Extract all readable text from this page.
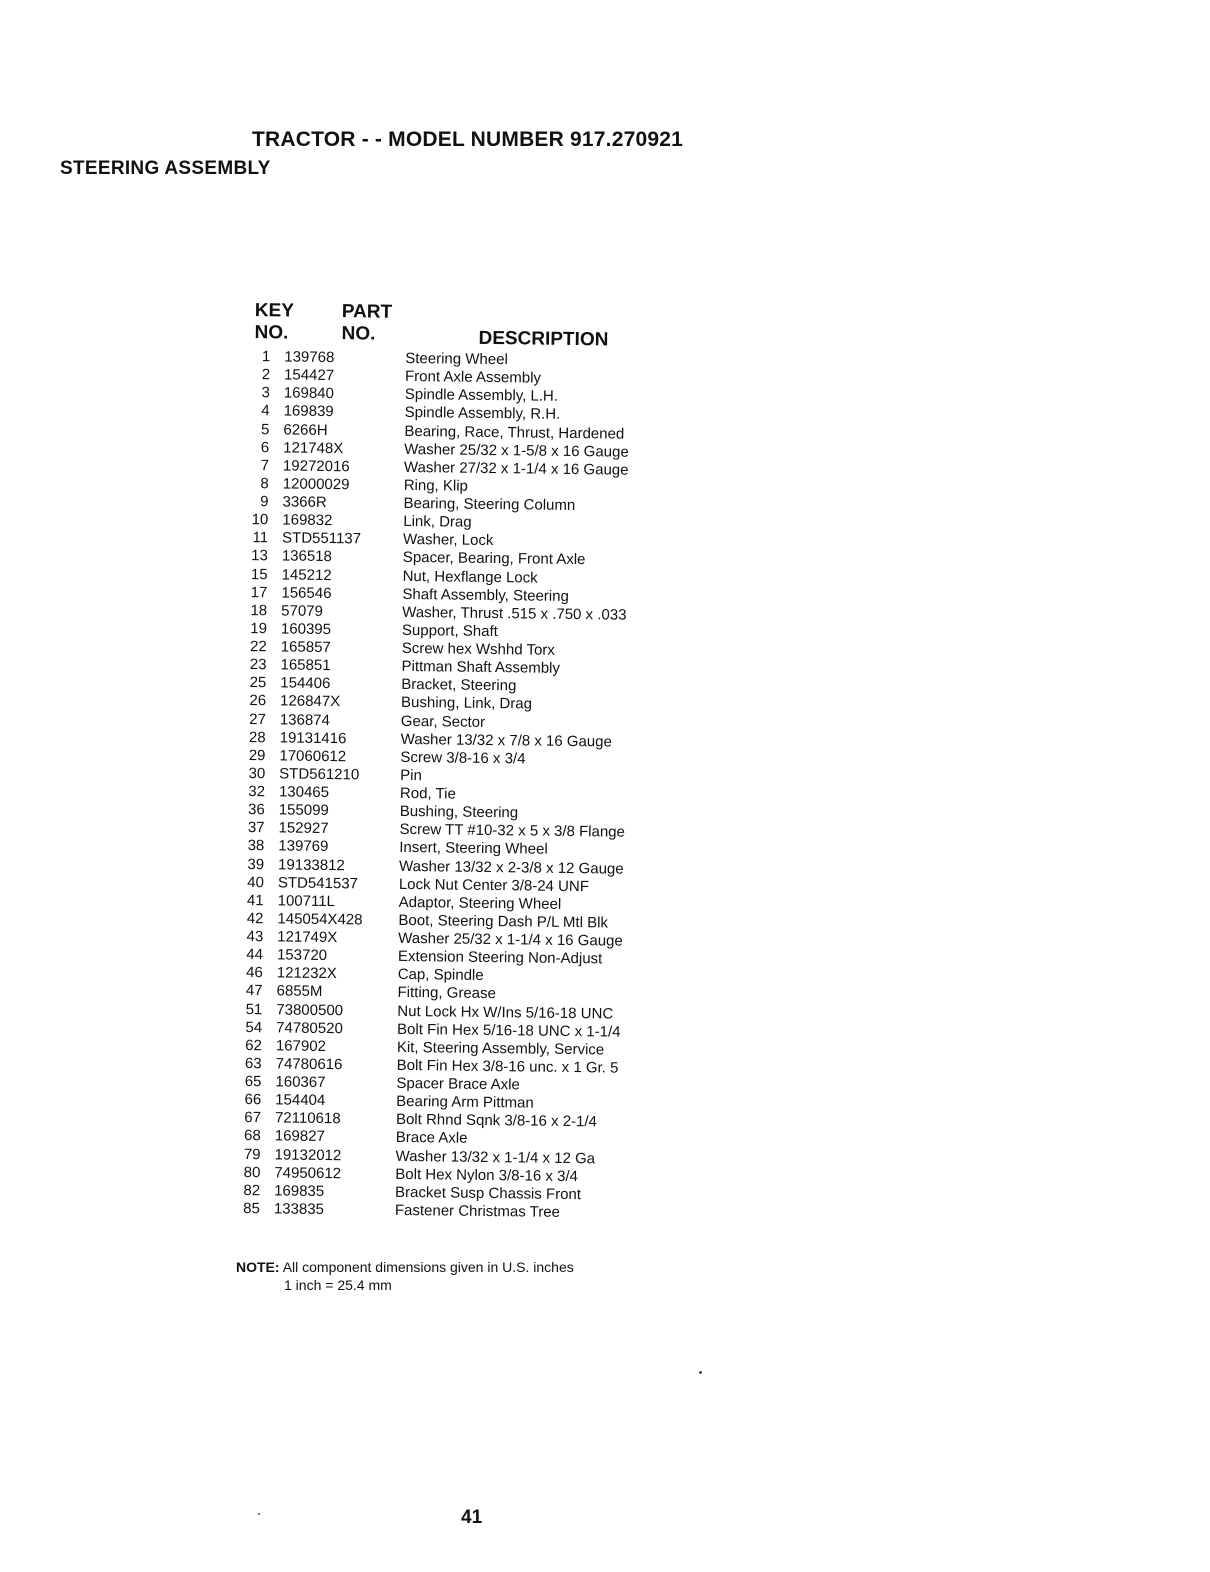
TRACTOR - - MODEL NUMBER 917.270921
STEERING ASSEMBLY
KEY
NO.
PART
NO.	DESCRIPTION
1 139768	Steering Wheel
2 154427	Front Axle Assembly
3 169840	Spindle Assembly, L.H.
4 169839	Spindle Assembly, R.H.
5 6266H	Bearing, Race, Thrust, Hardened
6 121748X	Washer 25/32 x 1-5/8 x 16 Gauge
7 19272016	Washer 27/32 x 1-1/4 x 16 Gauge
8 12000029	Ring, Klip
9 3366R	Bearing, Steering Column
10 169832	Link, Drag
11 STD551137	Washer, Lock
13 136518	Spacer, Bearing, Front Axle
15 145212	Nut, Hexflange Lock
17 156546	Shaft Assembly, Steering
18 57079	Washer, Thrust .515 x .750 x .033
19 160395	Support, Shaft
22 165857	Screw hex Wshhd Torx
23 165851	Pittman Shaft Assembly
25 154406	Bracket, Steering
26 126847X	Bushing, Link, Drag
27 136874	Gear, Sector
28 19131416	Washer 13/32 x 7/8 x 16 Gauge
29 17060612	Screw 3/8-16 x 3/4
30 STD561210	Pin
32 130465	Rod, Tie
36 155099	Bushing, Steering
37 152927	Screw TT #10-32 x 5 x 3/8 Flange
38 139769	Insert, Steering Wheel
39 19133812	Washer 13/32 x 2-3/8 x 12 Gauge
40 STD541537	Lock Nut Center 3/8-24 UNF
41 100711L	Adaptor, Steering Wheel
42 145054X428 Boot, Steering Dash P/L Mtl Blk
43 121749X	Washer 25/32 x 1-1/4 x 16 Gauge
44 153720	Extension Steering Non-Adjust
46 121232X	Cap, Spindle
47 6855M	Fitting, Grease
51 73800500	Nut Lock Hx W/Ins 5/16-18 UNC
54 74780520	Bolt Fin Hex 5/16-18 UNC x 1-1/4
62 167902	Kit, Steering Assembly, Service
63 74780616	Bolt Fin Hex 3/8-16 unc. x 1 Gr. 5
65 160367	Spacer Brace Axle
66 154404	Bearing Arm Pittman
67 72110618	Bolt Rhnd Sqnk 3/8-16 x 2-1/4
68 169827	Brace Axle
79 19132012	Washer 13/32 x 1-1/4 x 12 Ga
80 74950612	Bolt Hex Nylon 3/8-16 x 3/4
82 169835	Bracket Susp Chassis Front
85 133835	Fastener Christmas Tree
NOTE: All component dimensions given in U.S. inches
1 inch = 25.4 mm
41
